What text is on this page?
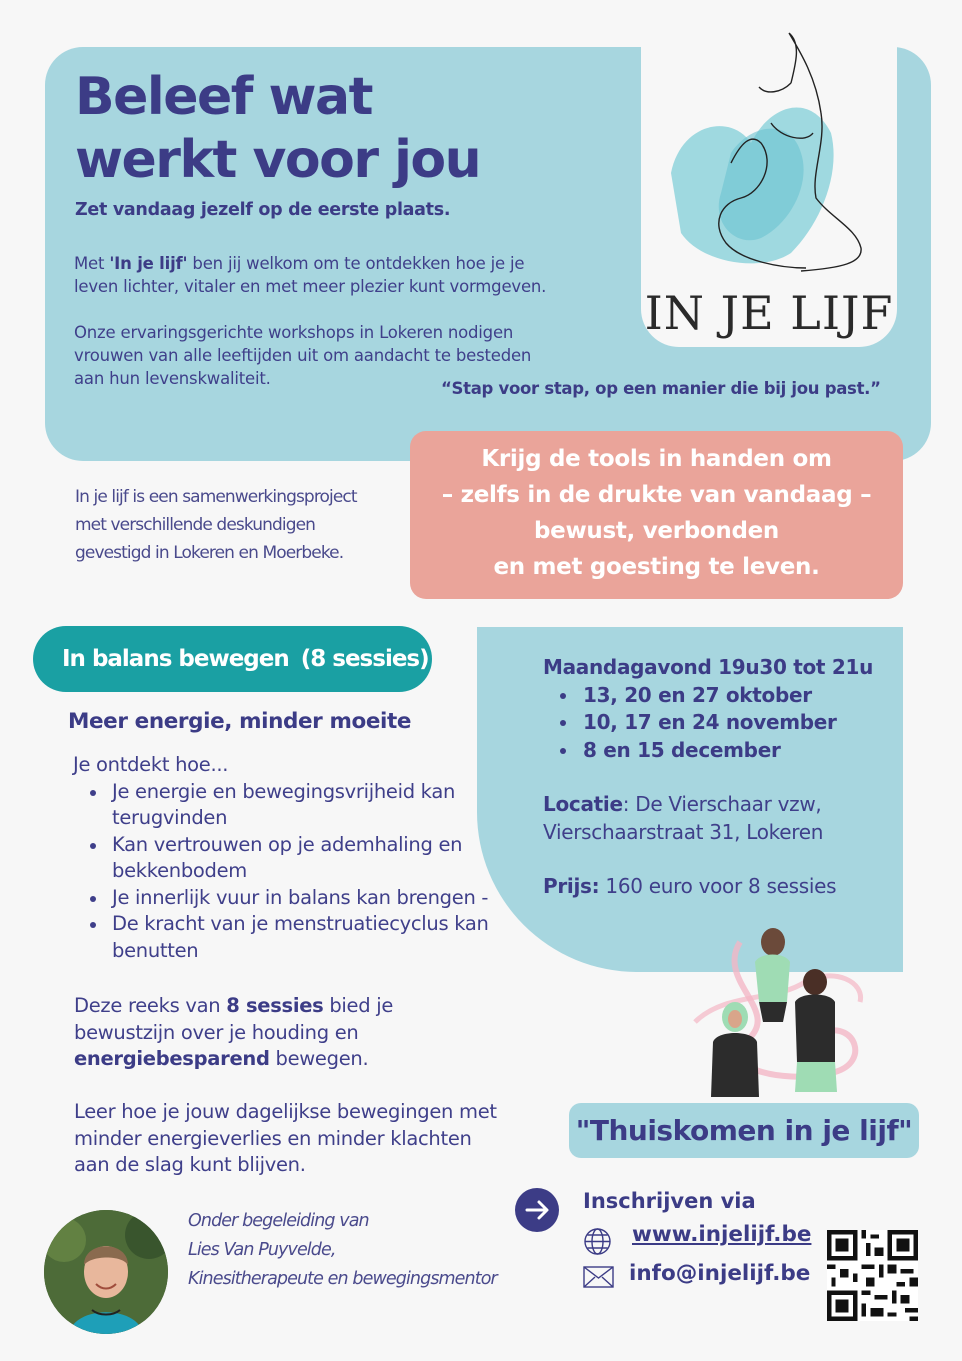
IN JE LIJF
Beleef wat
werkt voor jou
Zet vandaag jezelf op de eerste plaats.
Met 'In je lijf' ben jij welkom om te ontdekken hoe je je leven lichter, vitaler en met meer plezier kunt vormgeven.
Onze ervaringsgerichte workshops in Lokeren nodigen
vrouwen van alle leeftijden uit om aandacht te besteden
aan hun levenskwaliteit.
“Stap voor stap, op een manier die bij jou past.”
Krijg de tools in handen om
– zelfs in de drukte van vandaag –
bewust, verbonden
en met goesting te leven.
In je lijf is een samenwerkingsproject
met verschillende deskundigen
gevestigd in Lokeren en Moerbeke.
In balans bewegen (8 sessies)
Meer energie, minder moeite
Je ontdekt hoe...
Je energie en bewegingsvrijheid kan terugvinden
Kan vertrouwen op je ademhaling en bekkenbodem
Je innerlijk vuur in balans kan brengen -
De kracht van je menstruatiecyclus kan benutten
Deze reeks van 8 sessies bied je bewustzijn over je houding en energiebesparend bewegen.
Leer hoe je jouw dagelijkse bewegingen met minder energieverlies en minder klachten aan de slag kunt blijven.
Maandagavond 19u30 tot 21u
13, 20 en 27 oktober
10, 17 en 24 november
8 en 15 december
Locatie: De Vierschaar vzw,
Vierschaarstraat 31, Lokeren
Prijs: 160 euro voor 8 sessies
"Thuiskomen in je lijf"
Inschrijven via
www.injelijf.be
info@injelijf.be
Onder begeleiding van
Lies Van Puyvelde,
Kinesitherapeute en bewegingsmentor
